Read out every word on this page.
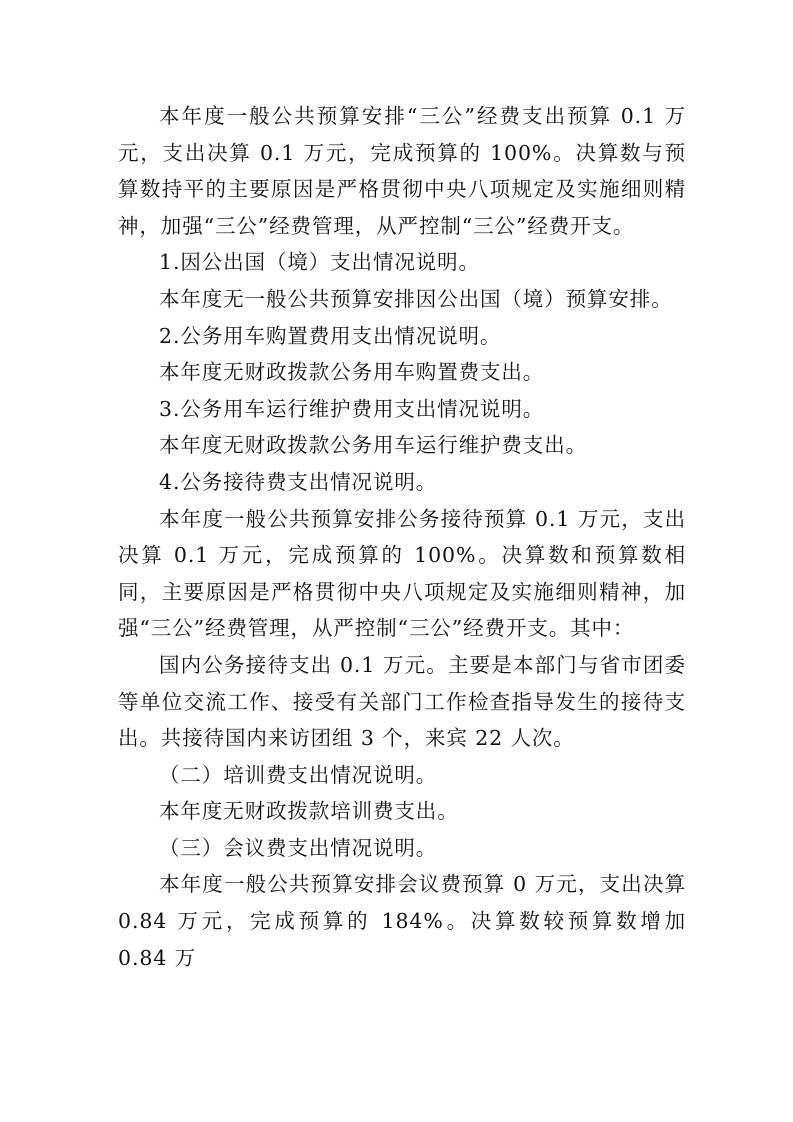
本年度一般公共预算安排“三公”经费支出预算 0.1 万元，支出决算 0.1 万元，完成预算的 100%。决算数与预算数持平的主要原因是严格贯彻中央八项规定及实施细则精神，加强“三公”经费管理，从严控制“三公”经费开支。

1.因公出国（境）支出情况说明。

本年度无一般公共预算安排因公出国（境）预算安排。

2.公务用车购置费用支出情况说明。

本年度无财政拨款公务用车购置费支出。

3.公务用车运行维护费用支出情况说明。

本年度无财政拨款公务用车运行维护费支出。

4.公务接待费支出情况说明。

本年度一般公共预算安排公务接待预算 0.1 万元，支出决算 0.1 万元，完成预算的 100%。决算数和预算数相同，主要原因是严格贯彻中央八项规定及实施细则精神，加强“三公”经费管理，从严控制“三公”经费开支。其中：

国内公务接待支出 0.1 万元。主要是本部门与省市团委等单位交流工作、接受有关部门工作检查指导发生的接待支出。共接待国内来访团组 3 个，来宾 22 人次。

（二）培训费支出情况说明。

本年度无财政拨款培训费支出。

（三）会议费支出情况说明。

本年度一般公共预算安排会议费预算 0 万元，支出决算 0.84 万元，完成预算的 184%。决算数较预算数增加 0.84 万
